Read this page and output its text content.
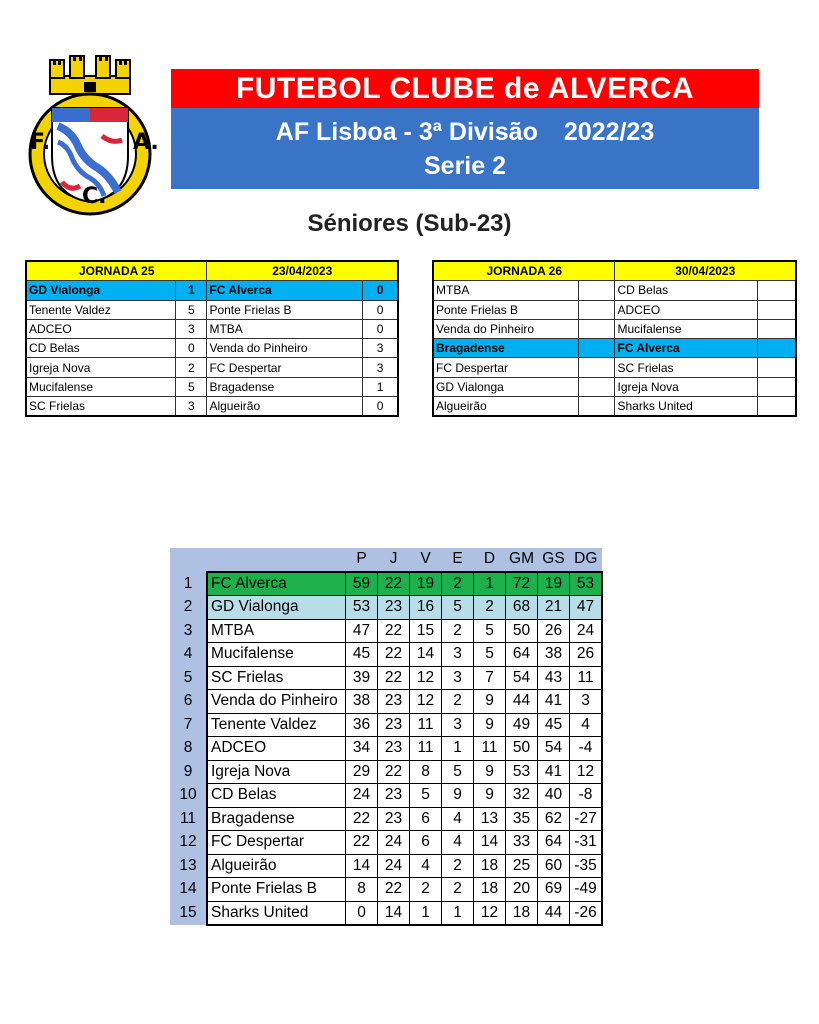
F.	A.
C.
FUTEBOL CLUBE de ALVERCA
AF Lisboa - 3ª Divisão 2022/23
Serie 2
Séniores (Sub-23)
JORNADA 25		23/04/2023	
GD Vialonga	1	FC Alverca	0
Tenente Valdez	5	Ponte Frielas B	0
ADCEO	3	MTBA	0
CD Belas	0	Venda do Pinheiro	3
Igreja Nova	2	FC Despertar	3
Mucifalense	5	Bragadense	1
SC Frielas	3	Algueirão	0
JORNADA 26		30/04/2023	
MTBA		CD Belas	
Ponte Frielas B		ADCEO	
Venda do Pinheiro		Mucifalense	
Bragadense		FC Alverca	
FC Despertar		SC Frielas	
GD Vialonga		Igreja Nova	
Algueirão		Sharks United	
		P	J	V	E	D	GM	GS	DG
1	FC Alverca	59	22	19	2	1	72	19	53
2	GD Vialonga	53	23	16	5	2	68	21	47
3	MTBA	47	22	15	2	5	50	26	24
4	Mucifalense	45	22	14	3	5	64	38	26
5	SC Frielas	39	22	12	3	7	54	43	11
6	Venda do Pinheiro	38	23	12	2	9	44	41	3
7	Tenente Valdez	36	23	11	3	9	49	45	4
8	ADCEO	34	23	11	1	11	50	54	-4
9	Igreja Nova	29	22	8	5	9	53	41	12
10	CD Belas	24	23	5	9	9	32	40	-8
11	Bragadense	22	23	6	4	13	35	62	-27
12	FC Despertar	22	24	6	4	14	33	64	-31
13	Algueirão	14	24	4	2	18	25	60	-35
14	Ponte Frielas B	8	22	2	2	18	20	69	-49
15	Sharks United	0	14	1	1	12	18	44	-26
